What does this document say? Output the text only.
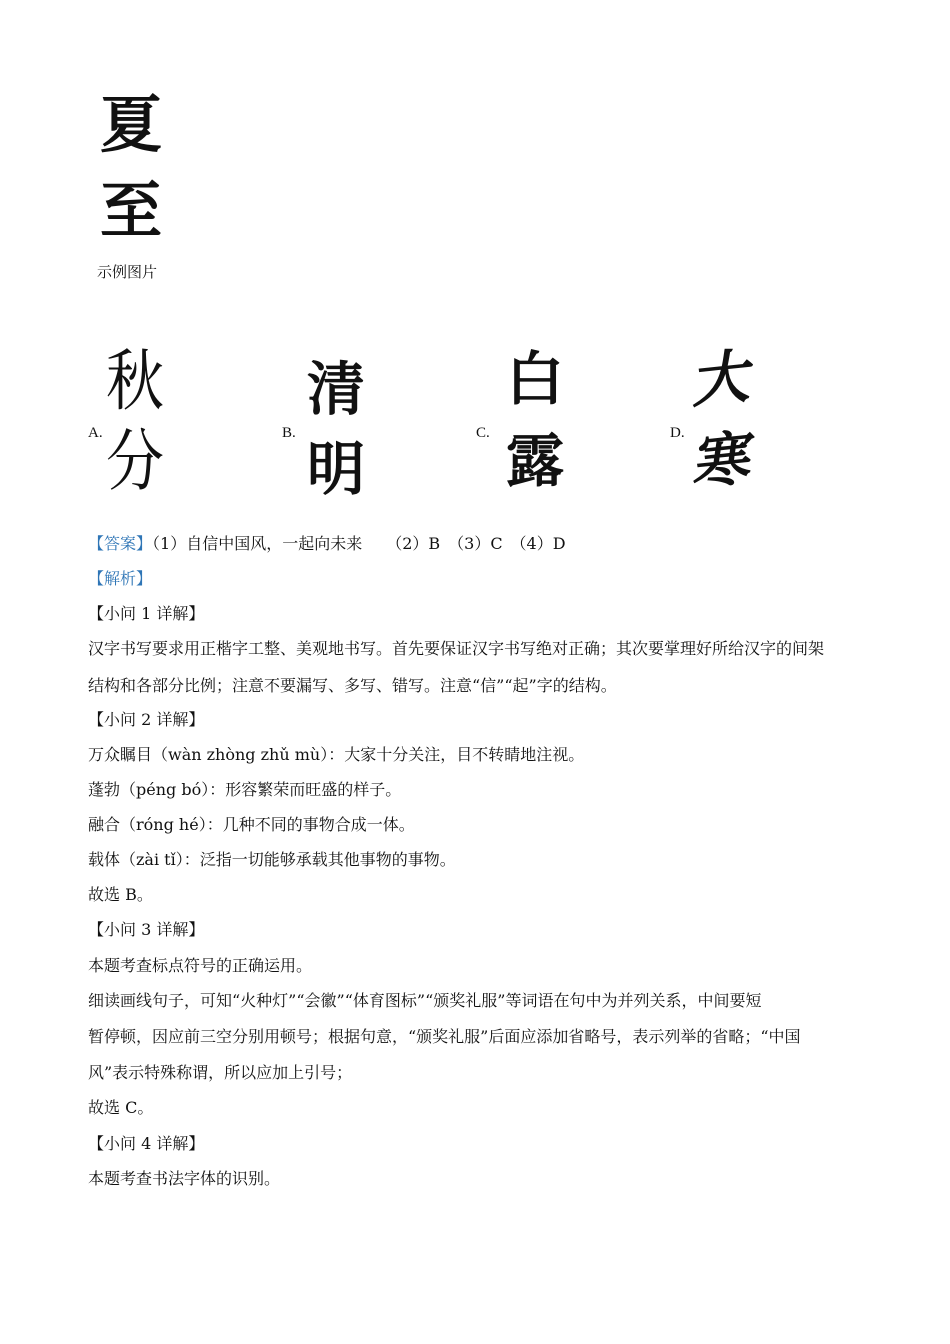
夏
至
示例图片
A.
秋
分	B.
清
明
C.
白
露	D.
大
寒
【答案】（1）自信中国风，一起向未来　　（2）B　（3）C　（4）D
【解析】
【小问 1 详解】
汉字书写要求用正楷字工整、美观地书写。首先要保证汉字书写绝对正确；其次要掌理好所给汉字的间架
结构和各部分比例；注意不要漏写、多写、错写。注意“信”“起”字的结构。
【小问 2 详解】
万众瞩目（wàn zhòng zhǔ mù）：大家十分关注，目不转睛地注视。
蓬勃（péng bó）：形容繁荣而旺盛的样子。
融合（róng hé）：几种不同的事物合成一体。
载体（zài tǐ）：泛指一切能够承载其他事物的事物。
故选 B。
【小问 3 详解】
本题考查标点符号的正确运用。
细读画线句子，可知“火种灯”“会徽”“体育图标”“颁奖礼服”等词语在句中为并列关系，中间要短
暂停顿，因应前三空分别用顿号；根据句意，“颁奖礼服”后面应添加省略号，表示列举的省略；“中国
风”表示特殊称谓，所以应加上引号；
故选 C。
【小问 4 详解】
本题考查书法字体的识别。
